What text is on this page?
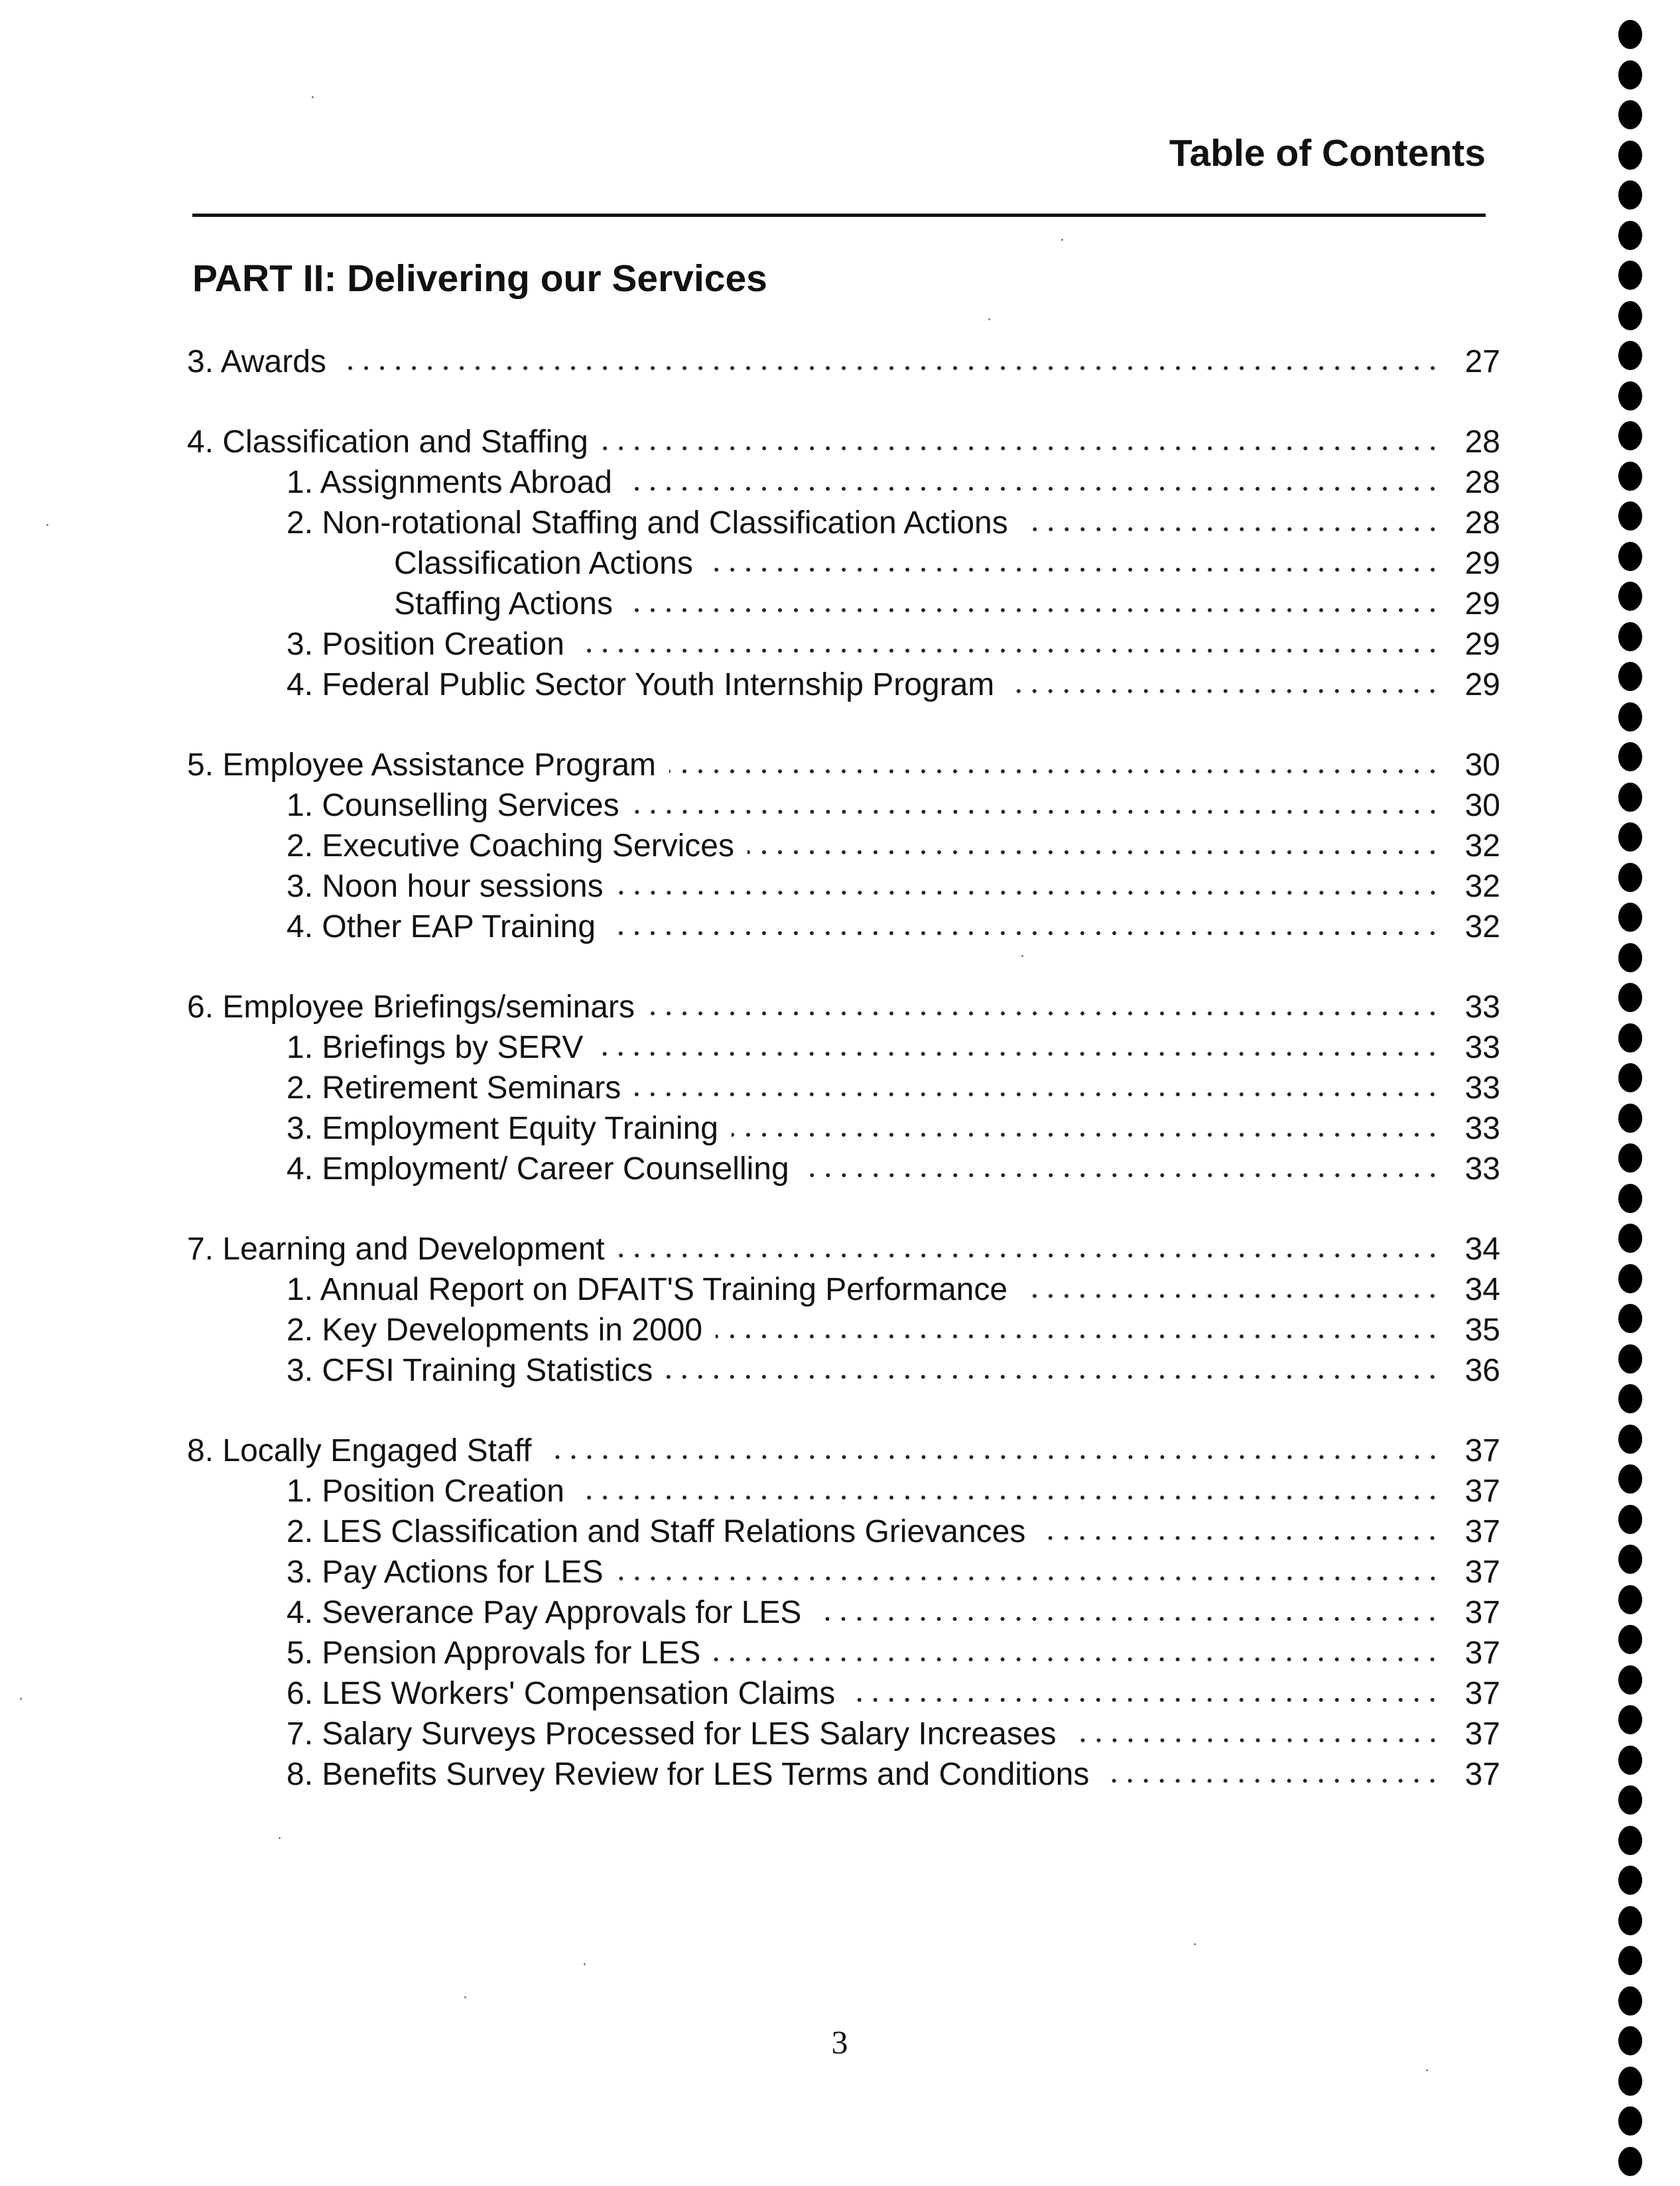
Table of Contents
PART II: Delivering our Services
3. Awards	27
4. Classification and Staffing	28
1. Assignments Abroad	28
2. Non-rotational Staffing and Classification Actions	28
Classification Actions	29
Staffing Actions	29
3. Position Creation	29
4. Federal Public Sector Youth Internship Program	29
5. Employee Assistance Program	30
1. Counselling Services	30
2. Executive Coaching Services	32
3. Noon hour sessions	32
4. Other EAP Training	32
6. Employee Briefings/seminars	33
1. Briefings by SERV	33
2. Retirement Seminars	33
3. Employment Equity Training	33
4. Employment/ Career Counselling	33
7. Learning and Development	34
1. Annual Report on DFAIT'S Training Performance	34
2. Key Developments in 2000	35
3. CFSI Training Statistics	36
8. Locally Engaged Staff	37
1. Position Creation	37
2. LES Classification and Staff Relations Grievances	37
3. Pay Actions for LES	37
4. Severance Pay Approvals for LES	37
5. Pension Approvals for LES	37
6. LES Workers' Compensation Claims	37
7. Salary Surveys Processed for LES Salary Increases	37
8. Benefits Survey Review for LES Terms and Conditions	37
3
